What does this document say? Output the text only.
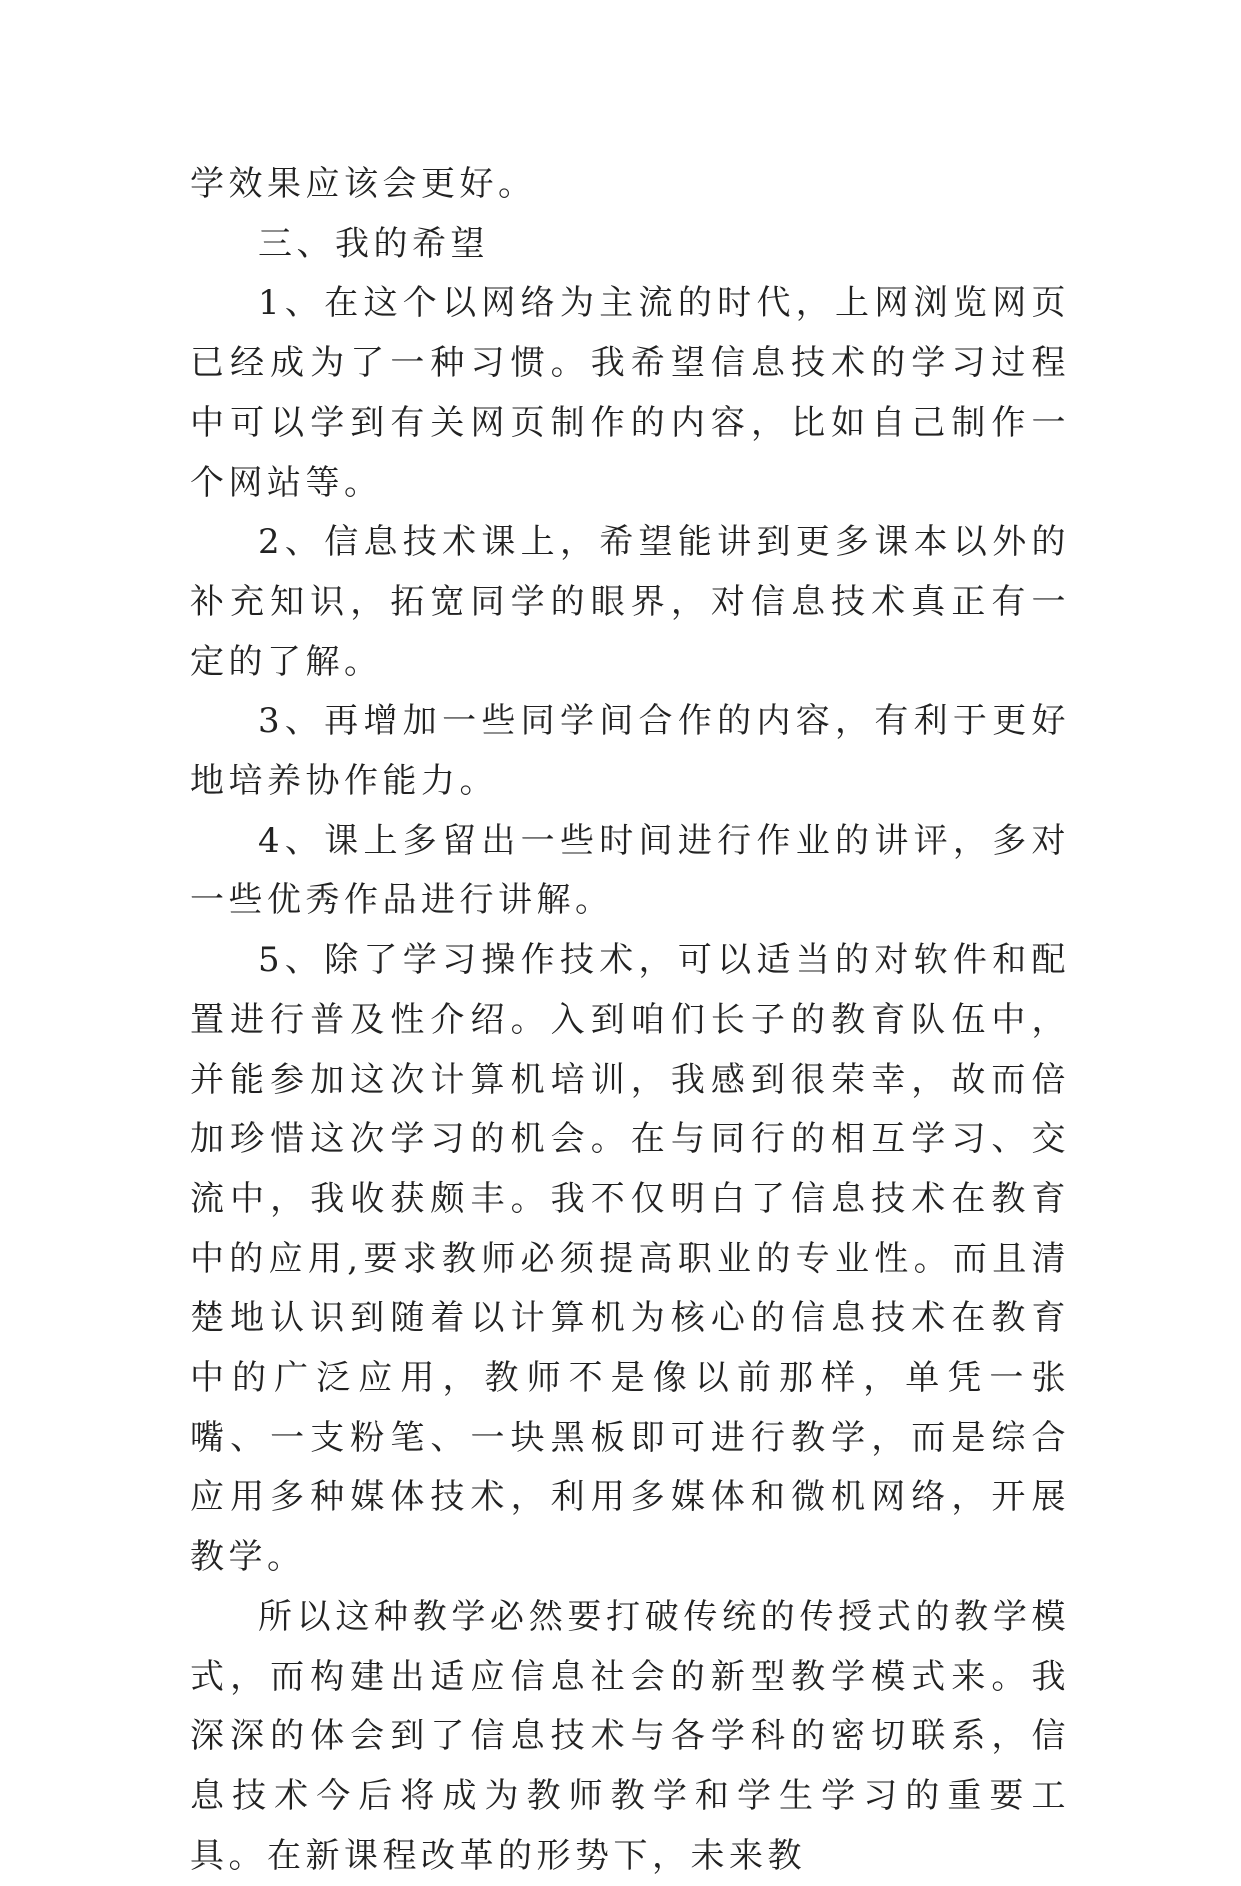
学效果应该会更好。

三、我的希望

1、在这个以网络为主流的时代，上网浏览网页已经成为了一种习惯。我希望信息技术的学习过程中可以学到有关网页制作的内容，比如自己制作一个网站等。

2、信息技术课上，希望能讲到更多课本以外的补充知识，拓宽同学的眼界，对信息技术真正有一定的了解。

3、再增加一些同学间合作的内容，有利于更好地培养协作能力。

4、课上多留出一些时间进行作业的讲评，多对一些优秀作品进行讲解。

5、除了学习操作技术，可以适当的对软件和配置进行普及性介绍。入到咱们长子的教育队伍中，并能参加这次计算机培训，我感到很荣幸，故而倍加珍惜这次学习的机会。在与同行的相互学习、交流中，我收获颇丰。我不仅明白了信息技术在教育中的应用,要求教师必须提高职业的专业性。而且清楚地认识到随着以计算机为核心的信息技术在教育中的广泛应用，教师不是像以前那样，单凭一张嘴、一支粉笔、一块黑板即可进行教学，而是综合应用多种媒体技术，利用多媒体和微机网络，开展教学。

所以这种教学必然要打破传统的传授式的教学模式，而构建出适应信息社会的新型教学模式来。我深深的体会到了信息技术与各学科的密切联系，信息技术今后将成为教师教学和学生学习的重要工具。在新课程改革的形势下，未来教
